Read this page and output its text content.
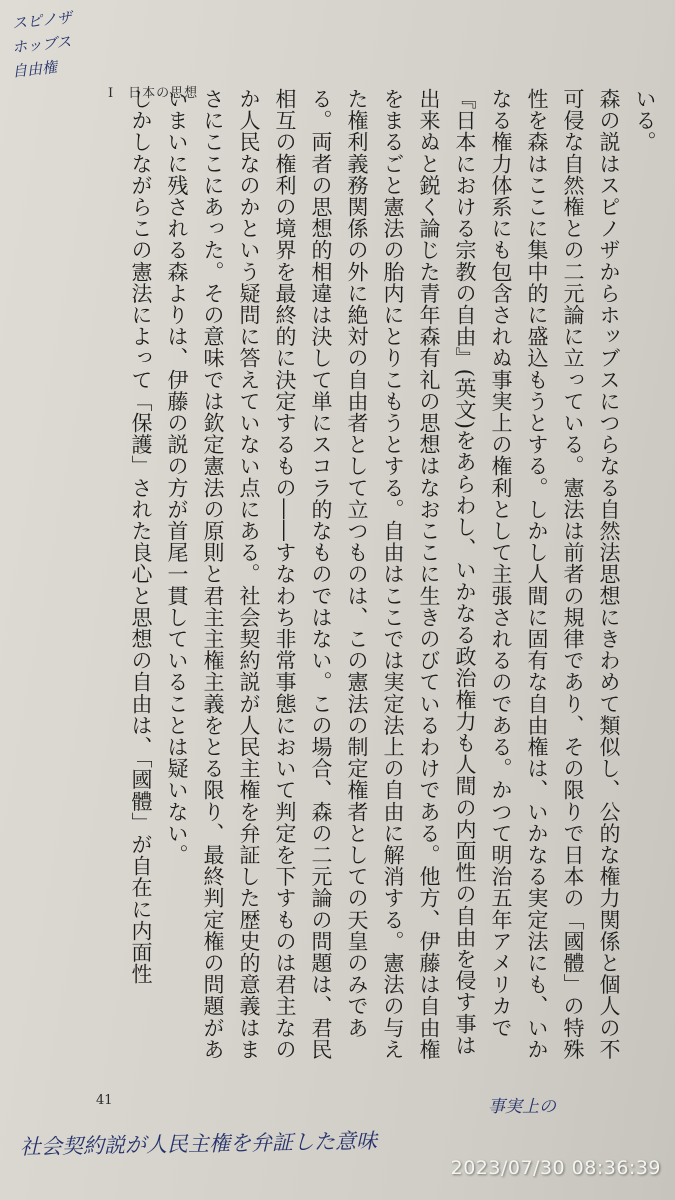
I　日本の思想	いる。

森の説はスピノザからホッブスにつらなる自然法思想にきわめて類似し、公的な権力関係と個人の不可侵な自然権との二元論に立っている。憲法は前者の規律であり、その限りで日本の「國體」の特殊性を森はここに集中的に盛込もうとする。しかし人間に固有な自由権は、いかなる実定法にも、いかなる権力体系にも包含されぬ事実上の権利として主張されるのである。かつて明治五年アメリカで『日本における宗教の自由』(英文)をあらわし、いかなる政治権力も人間の内面性の自由を侵す事は出来ぬと鋭く論じた青年森有礼の思想はなおここに生きのびているわけである。他方、伊藤は自由権をまるごと憲法の胎内にとりこもうとする。自由はここでは実定法上の自由に解消する。憲法の与えた権利義務関係の外に絶対の自由者として立つものは、この憲法の制定権者としての天皇のみである。両者の思想的相違は決して単にスコラ的なものではない。この場合、森の二元論の問題は、君民相互の権利の境界を最終的に決定するもの――すなわち非常事態において判定を下すものは君主なのか人民なのかという疑問に答えていない点にある。社会契約説が人民主権を弁証した歴史的意義はまさにここにあった。その意味では欽定憲法の原則と君主主権主義をとる限り、最終判定権の問題があいまいに残される森よりは、伊藤の説の方が首尾一貫していることは疑いない。

しかしながらこの憲法によって「保護」された良心と思想の自由は、「國體」が自在に内面性

41
スピノザ
ホッブス
自由権
社会契約説が人民主権を弁証した意味
事実上の
2023/07/30 08:36:39
